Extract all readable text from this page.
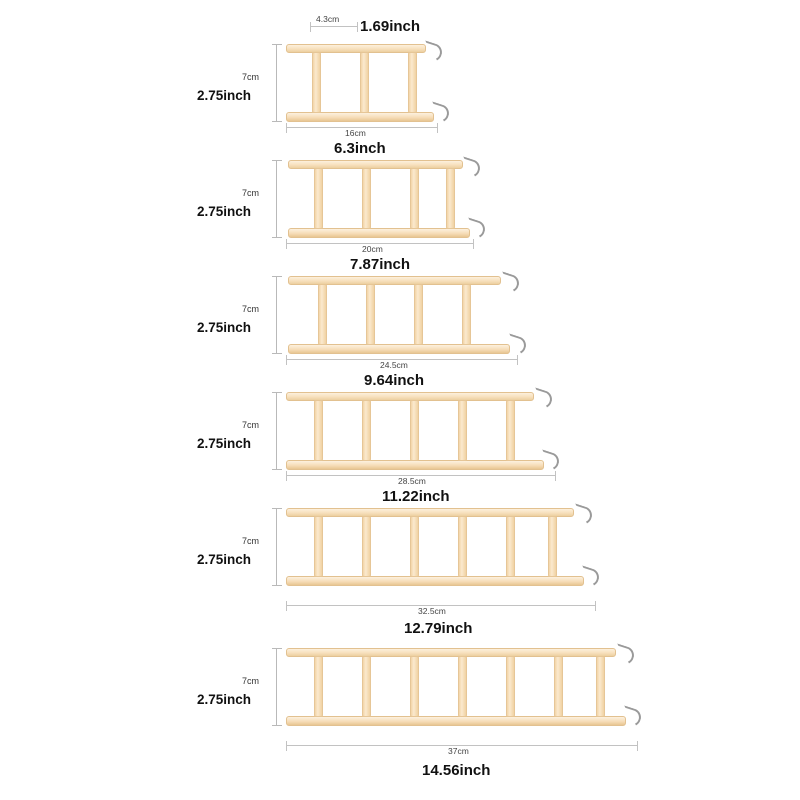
4.3cm 1.69inch
7cm
2.75inch
16cm
6.3inch
7cm
2.75inch
20cm
7.87inch
7cm
2.75inch
24.5cm
9.64inch
7cm
2.75inch
28.5cm
11.22inch
7cm
2.75inch
32.5cm
12.79inch
7cm
2.75inch
37cm
14.56inch
